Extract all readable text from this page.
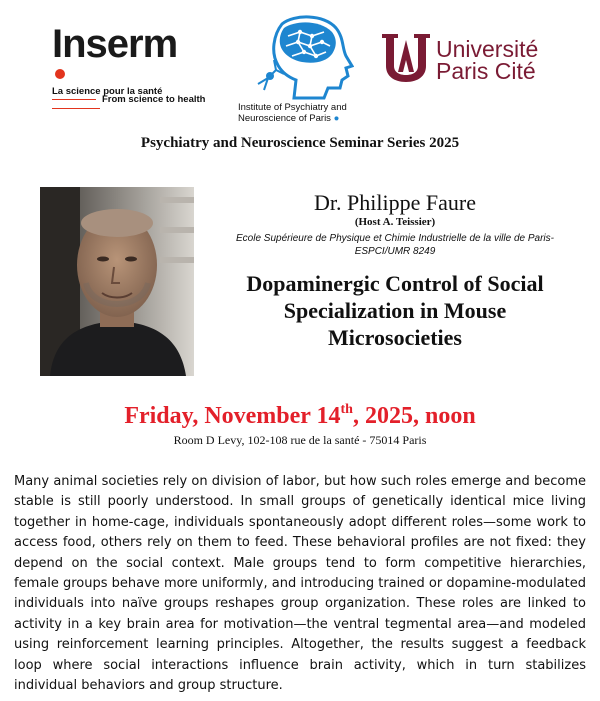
Inserm
La science pour la santé
From science to health
Institute of Psychiatry and
Neuroscience of Paris ●
Université
Paris Cité
Psychiatry and Neuroscience Seminar Series 2025
Dr. Philippe Faure
(Host A. Teissier)
Ecole Supérieure de Physique et Chimie Industrielle de la ville de Paris-
ESPCI/UMR 8249
Dopaminergic Control of Social
Specialization in Mouse
Microsocieties
Friday, November 14th, 2025, noon
Room D Levy, 102-108 rue de la santé - 75014 Paris
Many animal societies rely on division of labor, but how such roles emerge and become stable is still poorly understood. In small groups of genetically identical mice living together in home-cage, individuals spontaneously adopt different roles—some work to access food, others rely on them to feed. These behavioral profiles are not fixed: they depend on the social context. Male groups tend to form competitive hierarchies, female groups behave more uniformly, and introducing trained or dopamine-modulated individuals into naïve groups reshapes group organization. These roles are linked to activity in a key brain area for motivation—the ventral tegmental area—and modeled using reinforcement learning principles. Altogether, the results suggest a feedback loop where social interactions influence brain activity, which in turn stabilizes individual behaviors and group structure.
